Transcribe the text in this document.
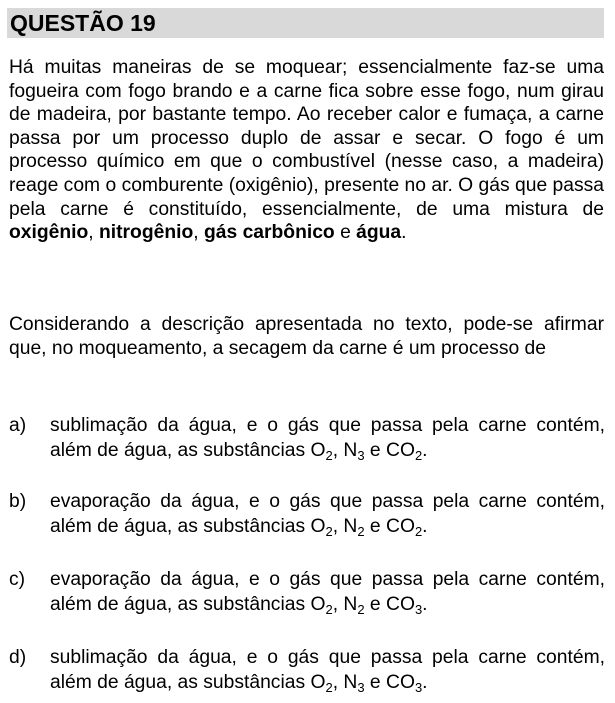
QUESTÃO 19

Há muitas maneiras de se moquear; essencialmente faz-se uma fogueira com fogo brando e a carne fica sobre esse fogo, num girau de madeira, por bastante tempo. Ao receber calor e fumaça, a carne passa por um processo duplo de assar e secar. O fogo é um processo químico em que o combustível (nesse caso, a madeira) reage com o comburente (oxigênio), presente no ar. O gás que passa pela carne é constituído, essencialmente, de uma mistura de oxigênio, nitrogênio, gás carbônico e água.

Considerando a descrição apresentada no texto, pode-se afirmar que, no moqueamento, a secagem da carne é um processo de

a) sublimação da água, e o gás que passa pela carne contém, além de água, as substâncias $O_2$, $N_3$ e $CO_2$.
b) evaporação da água, e o gás que passa pela carne contém, além de água, as substâncias $O_2$, $N_2$ e $CO_2$.
c) evaporação da água, e o gás que passa pela carne contém, além de água, as substâncias $O_2$, $N_2$ e $CO_3$.
d) sublimação da água, e o gás que passa pela carne contém, além de água, as substâncias $O_2$, $N_3$ e $CO_3$.
